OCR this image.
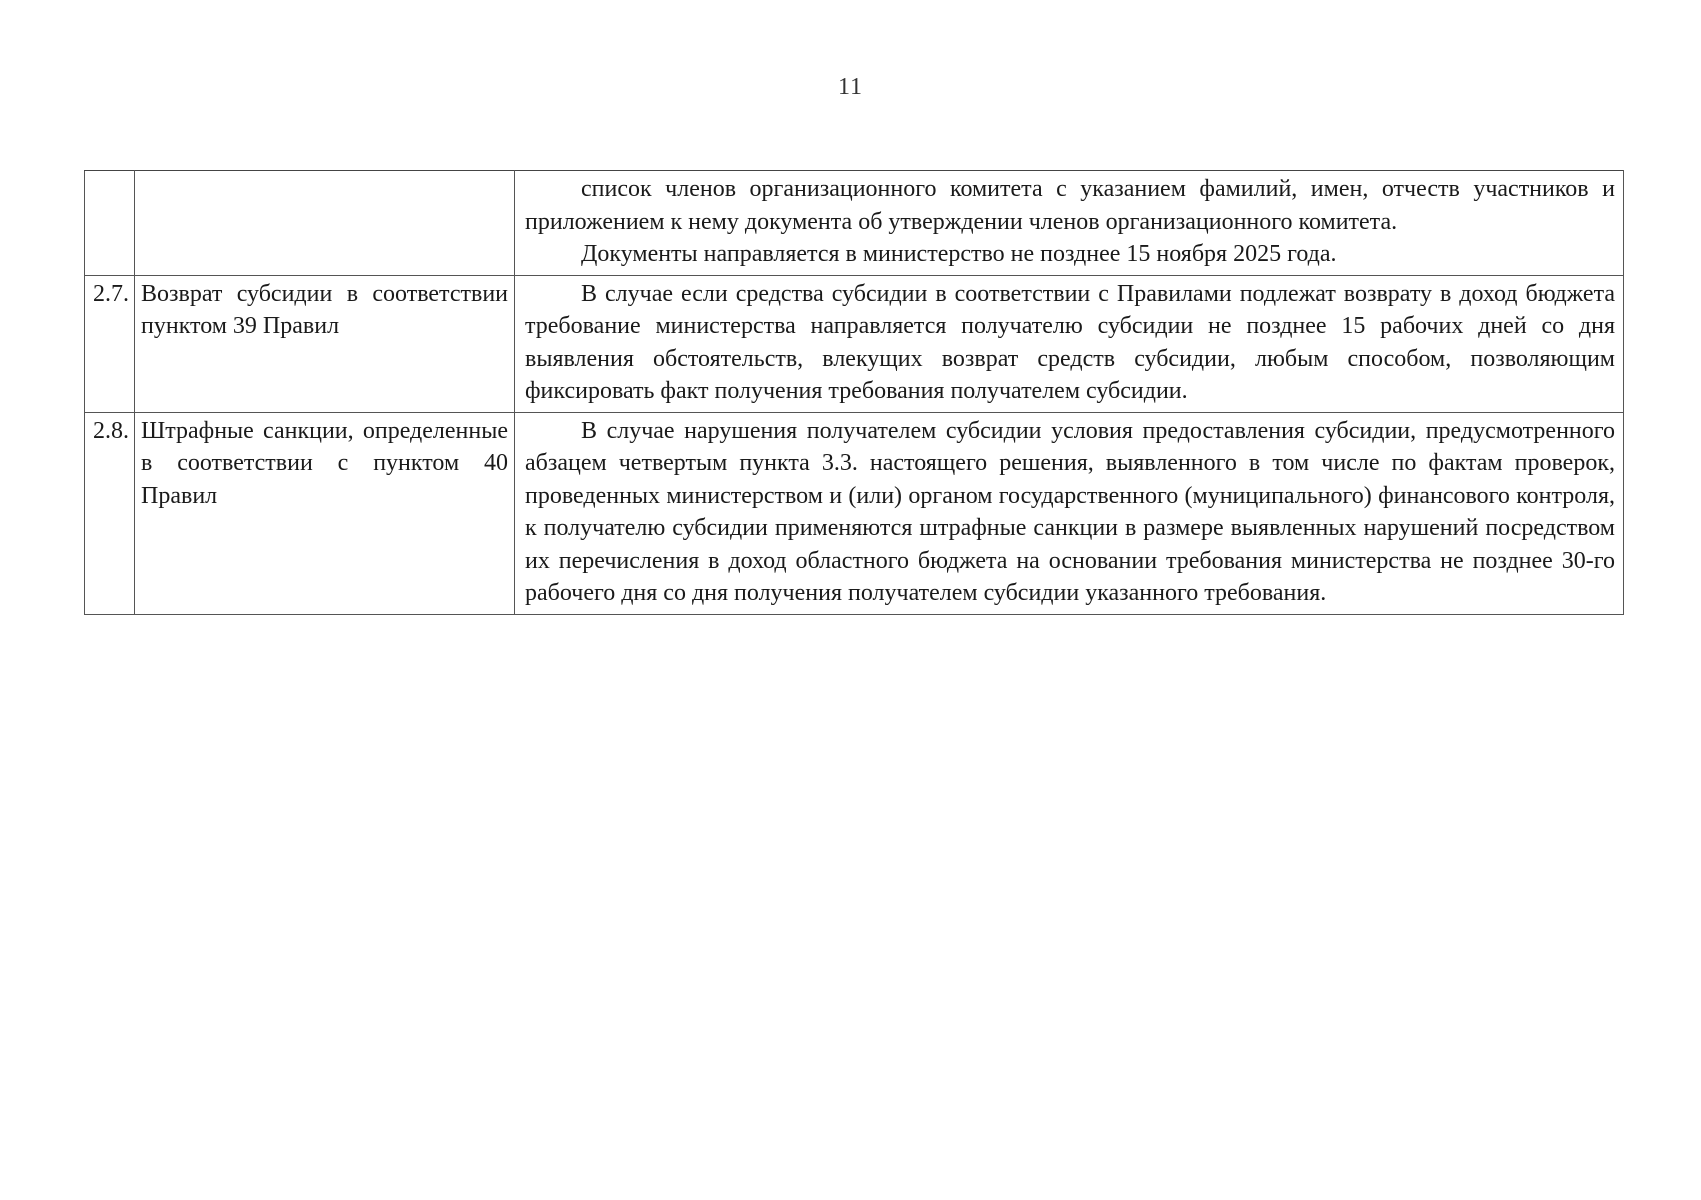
11

		список членов организационного комитета с указанием фамилий, имен, отчеств участников и приложением к нему документа об утверждении членов организационного комитета.

Документы направляется в министерство не позднее 15 ноября 2025 года.

2.7.	Возврат субсидии в соответствии пунктом 39 Правил	В случае если средства субсидии в соответствии с Правилами подлежат возврату в доход бюджета требование министерства направляется получателю субсидии не позднее 15 рабочих дней со дня выявления обстоятельств, влекущих возврат средств субсидии, любым способом, позволяющим фиксировать факт получения требования получателем субсидии.

2.8.	Штрафные санкции, определенные в соответствии с пунктом 40 Правил	В случае нарушения получателем субсидии условия предоставления субсидии, предусмотренного абзацем четвертым пункта 3.3. настоящего решения, выявленного в том числе по фактам проверок, проведенных министерством и (или) органом государственного (муниципального) финансового контроля, к получателю субсидии применяются штрафные санкции в размере выявленных нарушений посредством их перечисления в доход областного бюджета на основании требования министерства не позднее 30-го рабочего дня со дня получения получателем субсидии указанного требования.
